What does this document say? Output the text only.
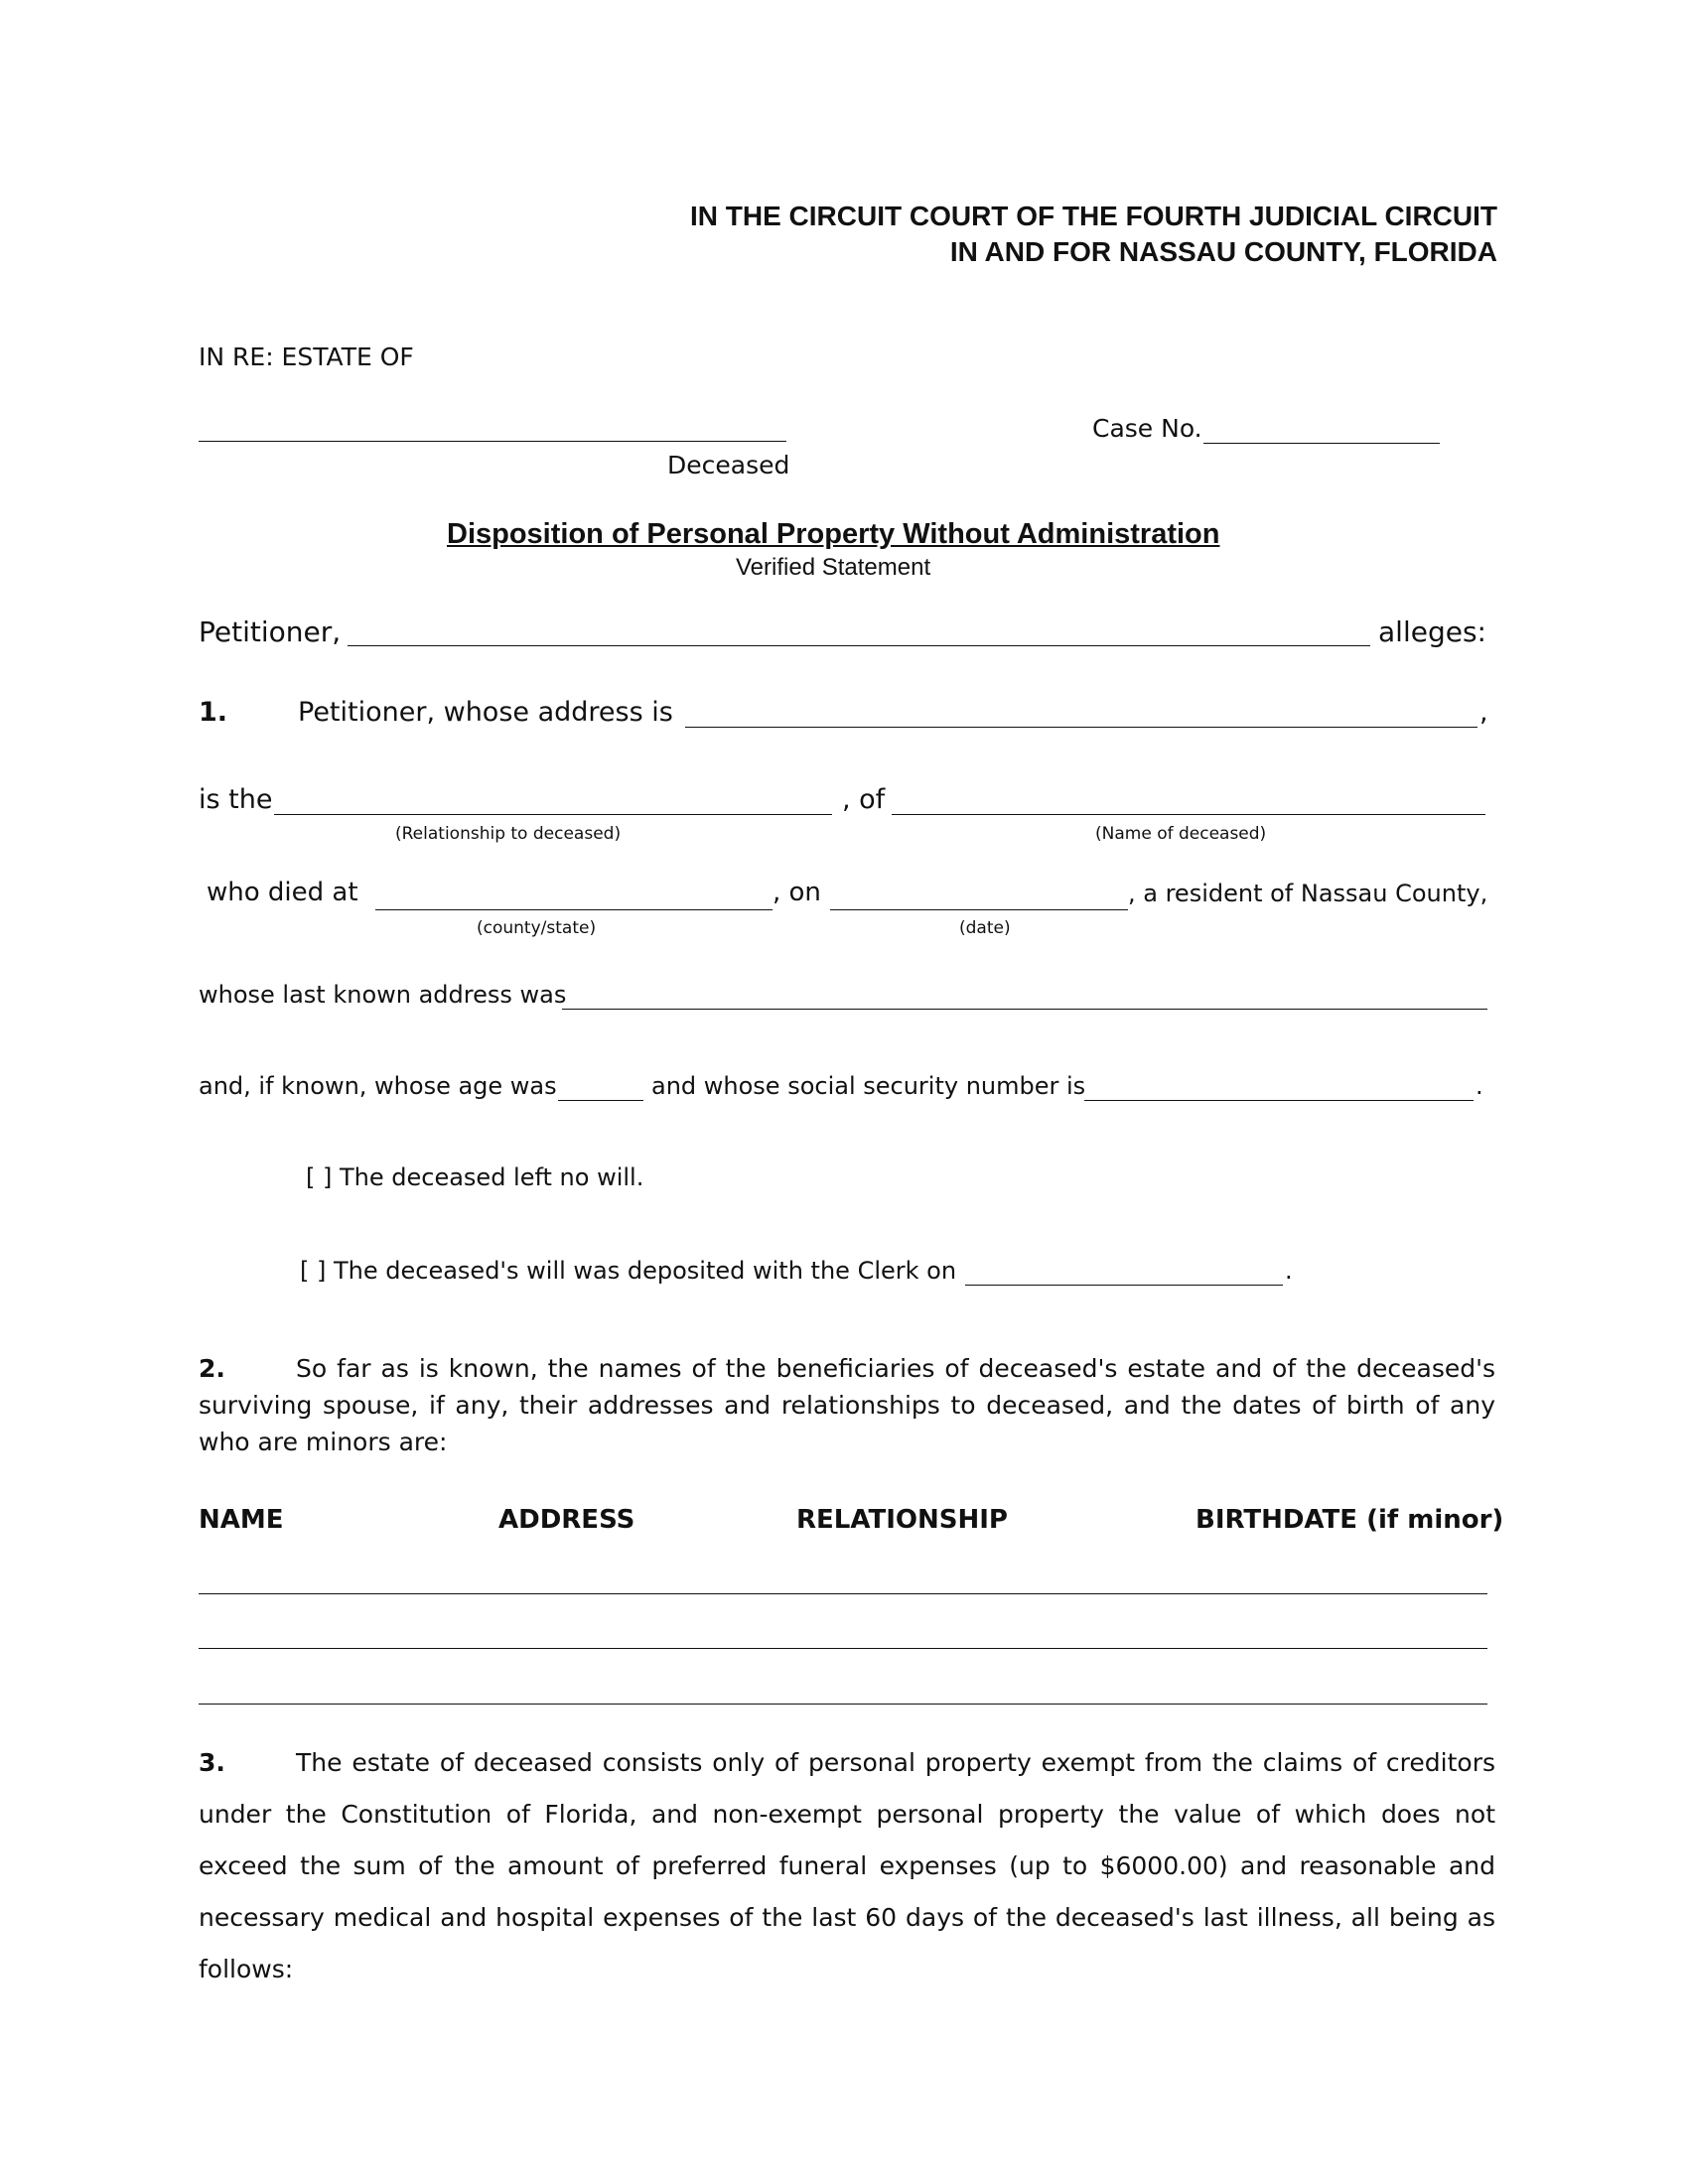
IN THE CIRCUIT COURT OF THE FOURTH JUDICIAL CIRCUIT
IN AND FOR NASSAU COUNTY, FLORIDA
IN RE: ESTATE OF
Deceased
Case No.
Disposition of Personal Property Without Administration
Verified Statement
Petitioner,	alleges:
1.	Petitioner, whose address is	,
is the	, of
(Relationship to deceased)	(Name of deceased)
who died at	, on	, a resident of Nassau County,
(county/state)	(date)
whose last known address was
and, if known, whose age was	and whose social security number is	.
[ ] The deceased left no will.
[ ] The deceased's will was deposited with the Clerk on	.
2.	So far as is known, the names of the beneficiaries of deceased's estate and of the deceased's surviving spouse, if any, their addresses and relationships to deceased, and the dates of birth of any who are minors are:
NAME	ADDRESS	RELATIONSHIP	BIRTHDATE (if minor)
3.	The estate of deceased consists only of personal property exempt from the claims of creditors under the Constitution of Florida, and non-exempt personal property the value of which does not exceed the sum of the amount of preferred funeral expenses (up to $6000.00) and reasonable and necessary medical and hospital expenses of the last 60 days of the deceased's last illness, all being as follows:
